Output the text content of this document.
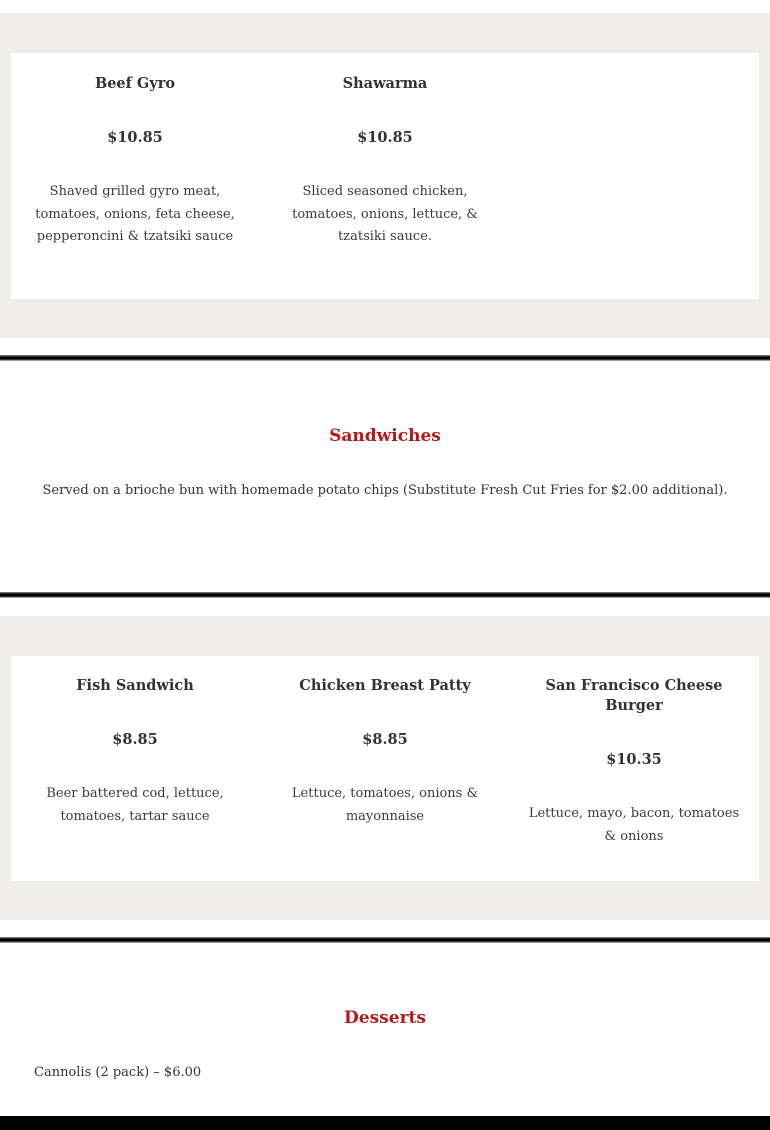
Beef Gyro
$10.85
Shaved grilled gyro meat, tomatoes, onions, feta cheese, pepperoncini & tzatsiki sauce
Shawarma
$10.85
Sliced seasoned chicken, tomatoes, onions, lettuce, & tzatsiki sauce.
Sandwiches
Served on a brioche bun with homemade potato chips (Substitute Fresh Cut Fries for $2.00 additional).
Fish Sandwich
$8.85
Beer battered cod, lettuce, tomatoes, tartar sauce
Chicken Breast Patty
$8.85
Lettuce, tomatoes, onions & mayonnaise
San Francisco Cheese Burger
$10.35
Lettuce, mayo, bacon, tomatoes & onions
Desserts
Cannolis (2 pack) – $6.00
